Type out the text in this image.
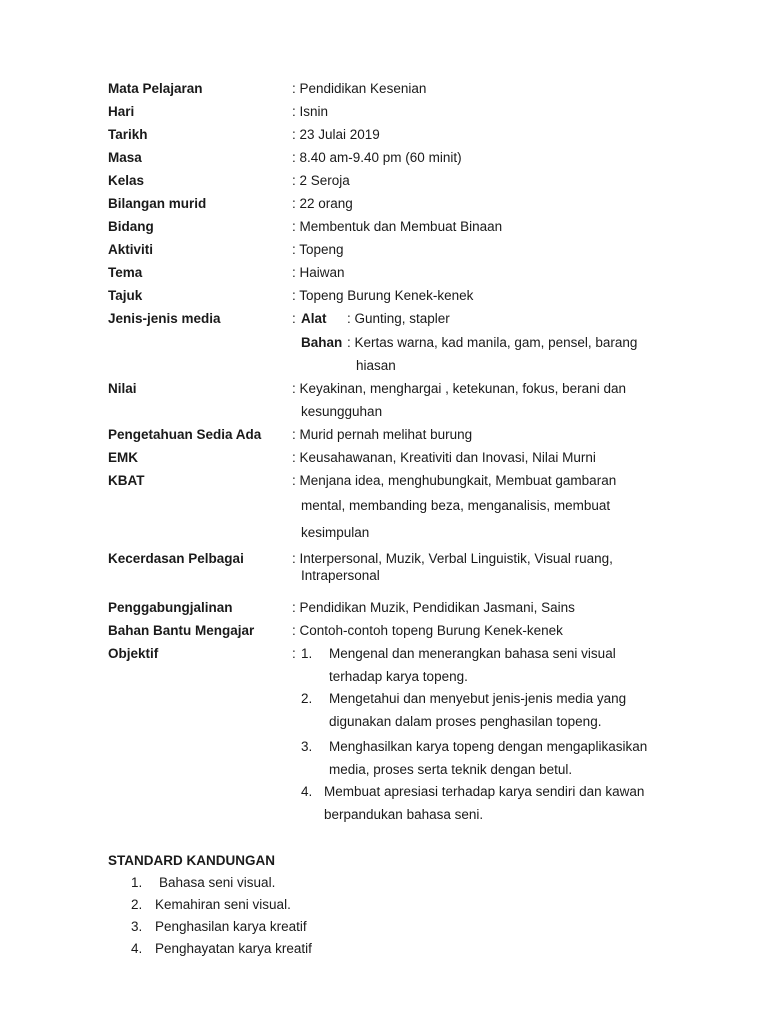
Mata Pelajaran	: Pendidikan Kesenian
Hari	: Isnin
Tarikh	: 23 Julai 2019
Masa	: 8.40 am-9.40 pm (60 minit)
Kelas	: 2 Seroja
Bilangan murid	: 22 orang
Bidang	: Membentuk dan Membuat Binaan
Aktiviti	: Topeng
Tema	: Haiwan
Tajuk	: Topeng Burung Kenek-kenek
Jenis-jenis media	: Alat : Gunting, stapler
Bahan : Kertas warna, kad manila, gam, pensel, barang
hiasan
Nilai	: Keyakinan, menghargai , ketekunan, fokus, berani dan
kesungguhan
Pengetahuan Sedia Ada : Murid pernah melihat burung
EMK	: Keusahawanan, Kreativiti dan Inovasi, Nilai Murni
KBAT	: Menjana idea, menghubungkait, Membuat gambaran
mental, membanding beza, menganalisis, membuat
kesimpulan
Kecerdasan Pelbagai	: Interpersonal, Muzik, Verbal Linguistik, Visual ruang,
Intrapersonal
Penggabungjalinan	: Pendidikan Muzik, Pendidikan Jasmani, Sains
Bahan Bantu Mengajar	: Contoh-contoh topeng Burung Kenek-kenek
Objektif	: 1. Mengenal dan menerangkan bahasa seni visual
terhadap karya topeng.
2. Mengetahui dan menyebut jenis-jenis media yang
digunakan dalam proses penghasilan topeng.
3. Menghasilkan karya topeng dengan mengaplikasikan
media, proses serta teknik dengan betul.
4. Membuat apresiasi terhadap karya sendiri dan kawan
berpandukan bahasa seni.
STANDARD KANDUNGAN
1. Bahasa seni visual.
2. Kemahiran seni visual.
3. Penghasilan karya kreatif
4. Penghayatan karya kreatif
